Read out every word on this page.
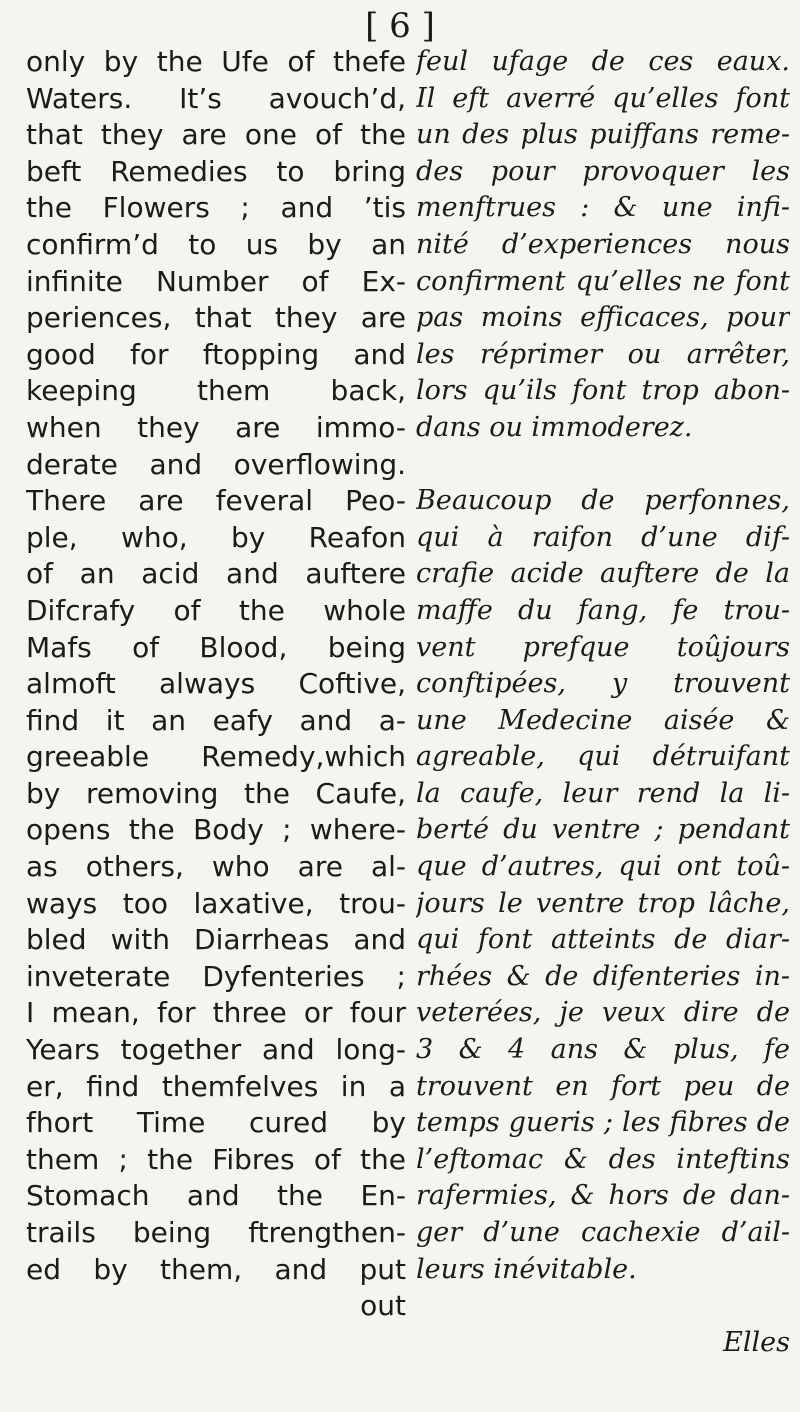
[ 6 ]
only by the Ufe of thefe
Waters. It’s avouch’d,
that they are one of the
beft Remedies to bring
the Flowers ; and ’tis
confirm’d to us by an
infinite Number of Ex-
periences, that they are
good for ftopping and
keeping them back,
when they are immo-
derate and overflowing.
There are feveral Peo-
ple, who, by Reafon
of an acid and auftere
Difcrafy of the whole
Mafs of Blood, being
almoft always Coftive,
find it an eafy and a-
greeable Remedy,which
by removing the Caufe,
opens the Body ; where-
as others, who are al-
ways too laxative, trou-
bled with Diarrheas and
inveterate Dyfenteries ;
I mean, for three or four
Years together and long-
er, find themfelves in a
fhort Time cured by
them ; the Fibres of the
Stomach and the En-
trails being ftrengthen-
ed by them, and put
out
feul ufage de ces eaux.
Il eft averré qu’elles font
un des plus puiffans reme-
des pour provoquer les
menftrues : & une infi-
nité d’experiences nous
confirment qu’elles ne font
pas moins efficaces, pour
les réprimer ou arrêter,
lors qu’ils font trop abon-
dans ou immoderez.
Beaucoup de perfonnes,
qui à raifon d’une dif-
crafie acide auftere de la
maffe du fang, fe trou-
vent prefque toûjours
conftipées, y trouvent
une Medecine aisée &
agreable, qui détruifant
la caufe, leur rend la li-
berté du ventre ; pendant
que d’autres, qui ont toû-
jours le ventre trop lâche,
qui font atteints de diar-
rhées & de difenteries in-
veterées, je veux dire de
3 & 4 ans & plus, fe
trouvent en fort peu de
temps gueris ; les fibres de
l’eftomac & des inteftins
rafermies, & hors de dan-
ger d’une cachexie d’ail-
leurs inévitable.
Elles
